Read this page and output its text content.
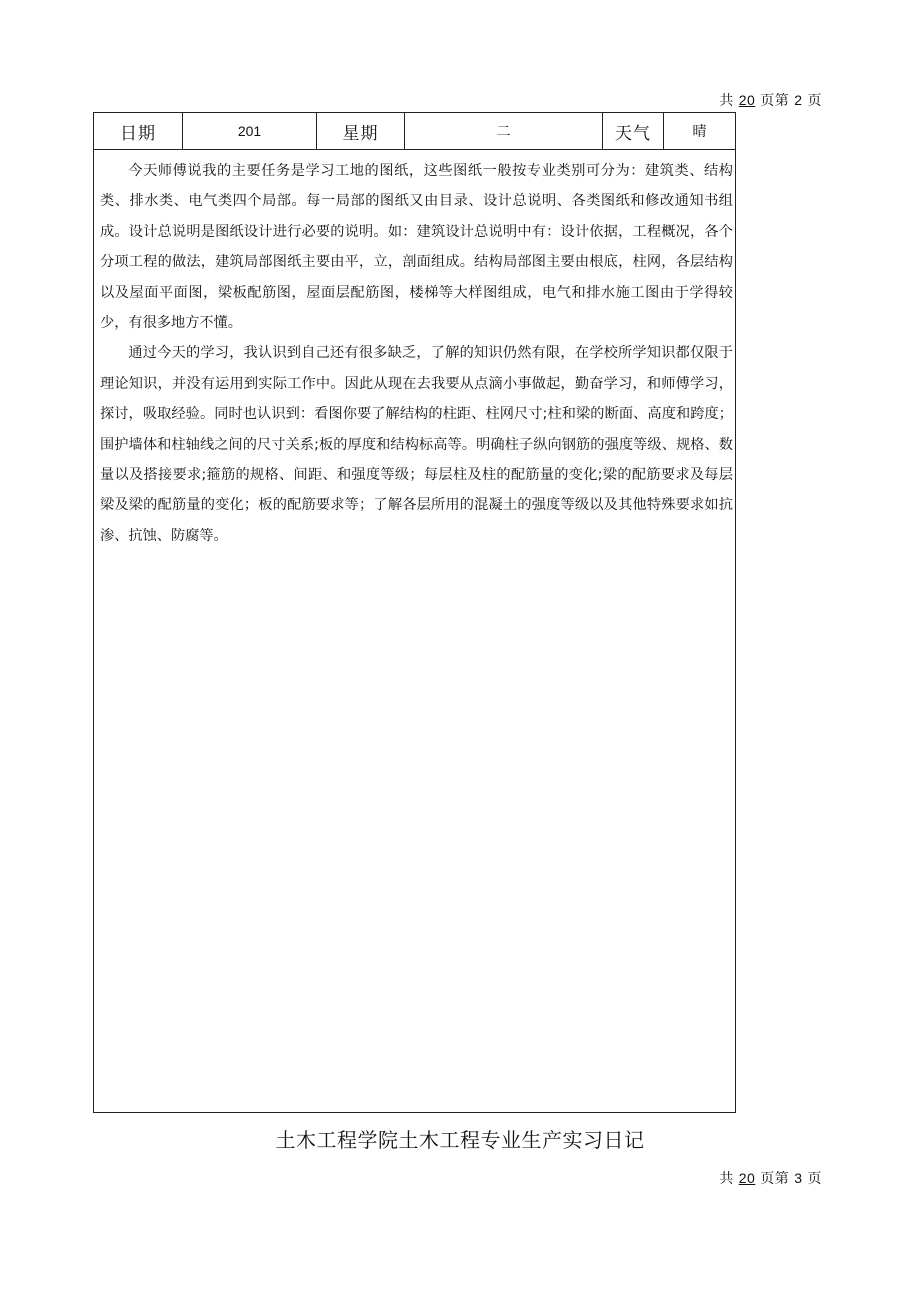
共 20 页第 2 页
日期	201	星期	二	天气	晴

今天师傅说我的主要任务是学习工地的图纸，这些图纸一般按专业类别可分为：建筑类、结构类、排水类、电气类四个局部。每一局部的图纸又由目录、设计总说明、各类图纸和修改通知书组成。设计总说明是图纸设计进行必要的说明。如：建筑设计总说明中有：设计依据，工程概况，各个分项工程的做法，建筑局部图纸主要由平，立，剖面组成。结构局部图主要由根底，柱网，各层结构以及屋面平面图，梁板配筋图，屋面层配筋图，楼梯等大样图组成，电气和排水施工图由于学得较少，有很多地方不懂。

通过今天的学习，我认识到自己还有很多缺乏，了解的知识仍然有限，在学校所学知识都仅限于理论知识，并没有运用到实际工作中。因此从现在去我要从点滴小事做起，勤奋学习，和师傅学习，探讨，吸取经验。同时也认识到：看图你要了解结构的柱距、柱网尺寸;柱和梁的断面、高度和跨度；围护墙体和柱轴线之间的尺寸关系;板的厚度和结构标高等。明确柱子纵向钢筋的强度等级、规格、数量以及搭接要求;箍筋的规格、间距、和强度等级；每层柱及柱的配筋量的变化;梁的配筋要求及每层梁及梁的配筋量的变化；板的配筋要求等；了解各层所用的混凝土的强度等级以及其他特殊要求如抗渗、抗蚀、防腐等。

土木工程学院土木工程专业生产实习日记
共 20 页第 3 页
